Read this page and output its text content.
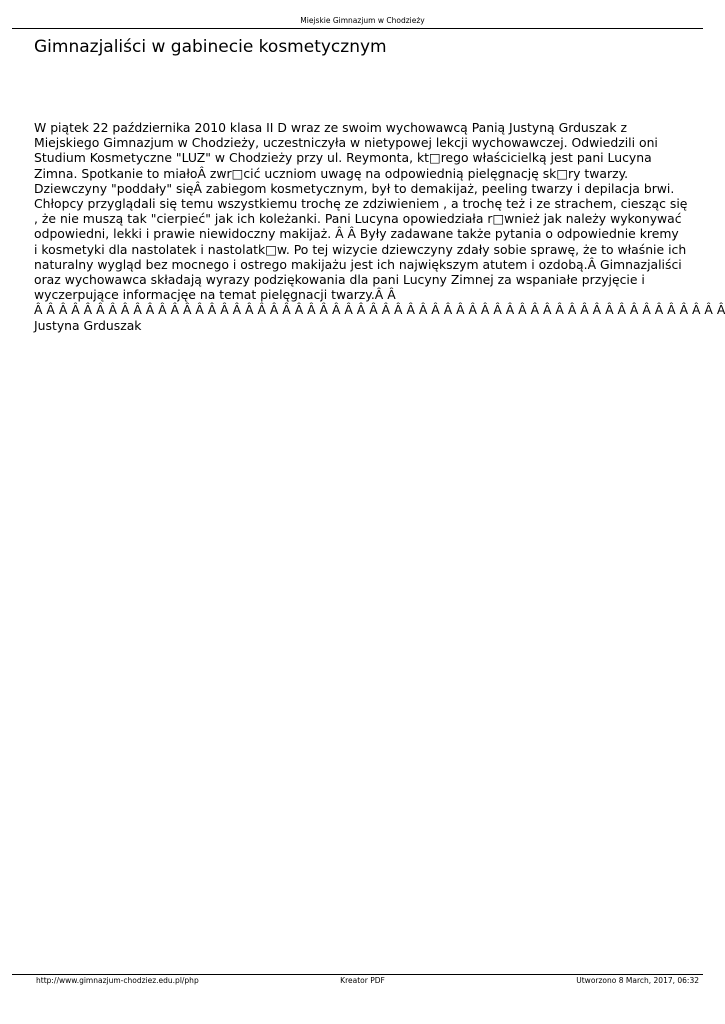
Miejskie Gimnazjum w Chodzieży
Gimnazjaliści w gabinecie kosmetycznym
W piątek 22 października 2010 klasa II D wraz ze swoim wychowawcą Panią Justyną Grduszak z
Miejskiego Gimnazjum w Chodzieży, uczestniczyła w nietypowej lekcji wychowawczej. Odwiedzili oni
Studium Kosmetyczne "LUZ" w Chodzieży przy ul. Reymonta, kt□rego właścicielką jest pani Lucyna
Zimna. Spotkanie to miałoÂ zwr□cić uczniom uwagę na odpowiednią pielęgnację sk□ry twarzy.
Dziewczyny "poddały" sięÂ zabiegom kosmetycznym, był to demakijaż, peeling twarzy i depilacja brwi.
Chłopcy przyglądali się temu wszystkiemu trochę ze zdziwieniem , a trochę też i ze strachem, ciesząc się
, że nie muszą tak "cierpieć" jak ich koleżanki. Pani Lucyna opowiedziała r□wnież jak należy wykonywać
odpowiedni, lekki i prawie niewidoczny makijaż. Â Â Były zadawane także pytania o odpowiednie kremy
i kosmetyki dla nastolatek i nastolatk□w. Po tej wizycie dziewczyny zdały sobie sprawę, że to właśnie ich
naturalny wygląd bez mocnego i ostrego makijażu jest ich największym atutem i ozdobą.Â Gimnazjaliści
oraz wychowawca składają wyrazy podziękowania dla pani Lucyny Zimnej za wspaniałe przyjęcie i
wyczerpujące informacjęe na temat pielęgnacji twarzy.Â Â
Â Â Â Â Â Â Â Â Â Â Â Â Â Â Â Â Â Â Â Â Â Â Â Â Â Â Â Â Â Â Â Â Â Â Â Â Â Â Â Â Â Â Â Â Â Â Â Â Â Â Â Â Â Â Â Â
Justyna Grduszak
http://www.gimnazjum-chodziez.edu.pl/php	Kreator PDF	Utworzono 8 March, 2017, 06:32
